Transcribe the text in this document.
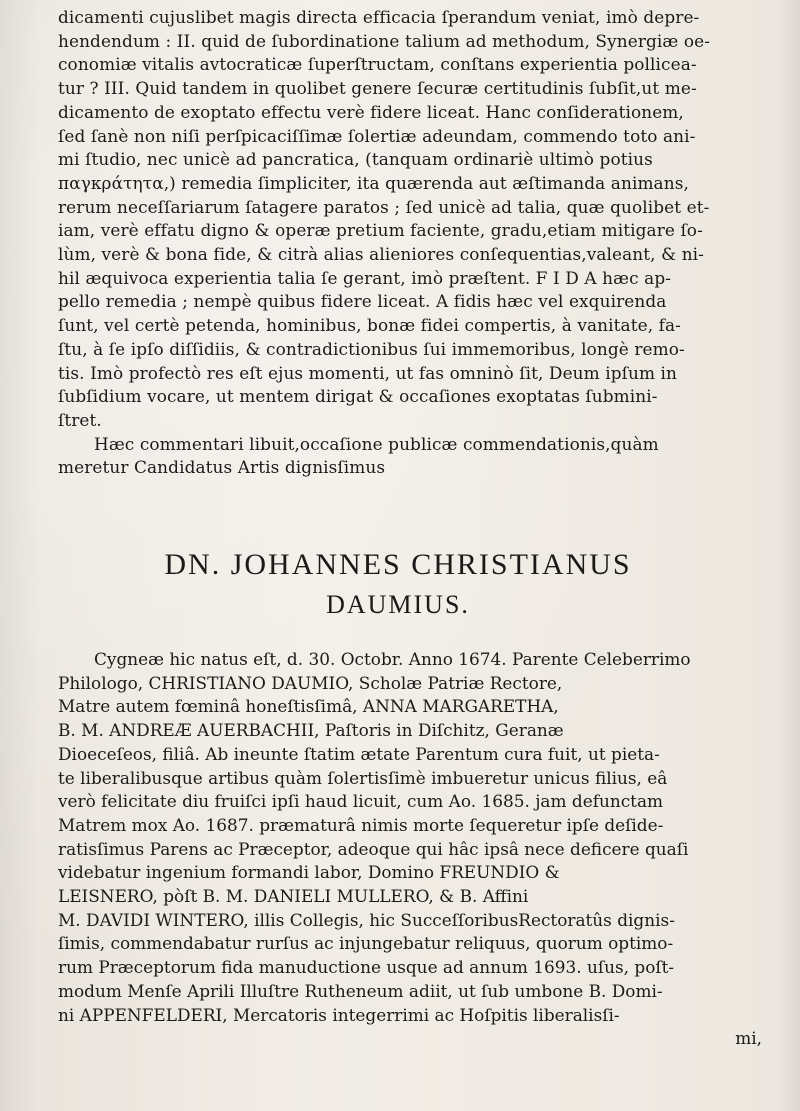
dicamenti cujuslibet magis directa efficacia ſperandum veniat, imò depre-
hendendum : II. quid de ſubordinatione talium ad methodum, Synergiæ oe-
conomiæ vitalis avtocraticæ ſuperſtructam, conſtans experientia pollicea-
tur ? III. Quid tandem in quolibet genere ſecuræ certitudinis ſubſit,ut me-
dicamento de exoptato effectu verè fidere liceat. Hanc conſiderationem,
ſed ſanè non niſi perſpicaciſſimæ ſolertiæ adeundam, commendo toto ani-
mi ſtudio, nec unicè ad pancratica, (tanquam ordinariè ultimò potius
παγκράτητα,) remedia ſimpliciter, ita quærenda aut æſtimanda animans,
rerum neceſſariarum ſatagere paratos ; ſed unicè ad talia, quæ quolibet et-
iam, verè effatu digno & operæ pretium faciente, gradu,etiam mitigare ſo-
lùm, verè & bona fide, & citrà alias alieniores conſequentias,valeant, & ni-
hil æquivoca experientia talia ſe gerant, imò præſtent. F I D A hæc ap-
pello remedia ; nempè quibus fidere liceat. A fidis hæc vel exquirenda
ſunt, vel certè petenda, hominibus, bonæ fidei compertis, à vanitate, fa-
ſtu, à ſe ipſo diſſidiis, & contradictionibus ſui immemoribus, longè remo-
tis. Imò profectò res eſt ejus momenti, ut fas omninò ſit, Deum ipſum in
ſubſidium vocare, ut mentem dirigat & occaſiones exoptatas ſubmini-
ſtret.
Hæc commentari libuit,occaſione publicæ commendationis,quàm
meretur Candidatus Artis dignisſimus
DN. JOHANNES CHRISTIANUS
DAUMIUS.
Cygneæ hic natus eſt, d. 30. Octobr. Anno 1674. Parente Celeberrimo
Philologo, CHRISTIANO DAUMIO, Scholæ Patriæ Rectore,
Matre autem fœminâ honeſtisſimâ, ANNA MARGARETHA,
B. M. ANDREÆ AUERBACHII, Paſtoris in Diſchitz, Geranæ
Dioeceſeos, filiâ. Ab ineunte ſtatim ætate Parentum cura fuit, ut pieta-
te liberalibusque artibus quàm ſolertisſimè imbueretur unicus filius, eâ
verò felicitate diu fruiſci ipſi haud licuit, cum Ao. 1685. jam defunctam
Matrem mox Ao. 1687. præmaturâ nimis morte ſequeretur ipſe deſide-
ratisſimus Parens ac Præceptor, adeoque qui hâc ipsâ nece deficere quaſi
videbatur ingenium formandi labor, Domino FREUNDIO &
LEISNERO, pòſt B. M. DANIELI MULLERO, & B. Affini
M. DAVIDI WINTERO, illis Collegis, hic SucceſſoribusRectoratûs dignis-
ſimis, commendabatur rurſus ac injungebatur reliquus, quorum optimo-
rum Præceptorum fida manuductione usque ad annum 1693. uſus, poſt-
modum Menſe Aprili Illuſtre Rutheneum adiit, ut ſub umbone B. Domi-
ni APPENFELDERI, Mercatoris integerrimi ac Hoſpitis liberalisſi-
mi,
